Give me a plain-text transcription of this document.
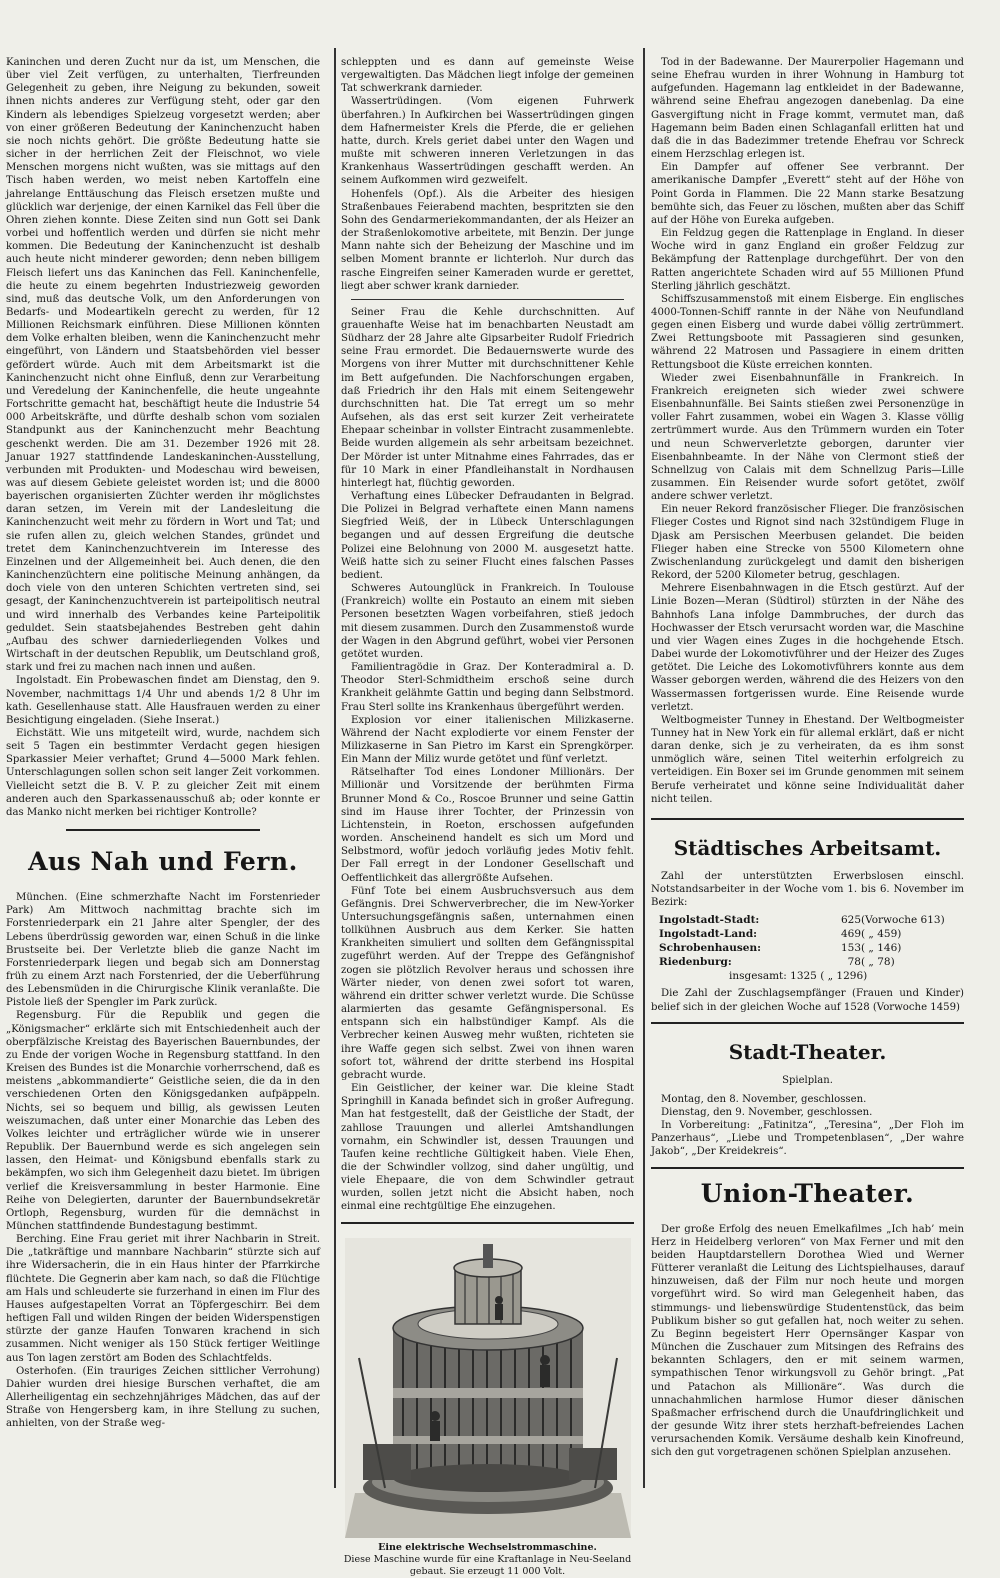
Kaninchen und deren Zucht nur da ist, um Menschen, die über viel Zeit verfügen, zu unterhalten, Tierfreunden Gelegenheit zu geben, ihre Neigung zu bekunden, soweit ihnen nichts anderes zur Verfügung steht, oder gar den Kindern als lebendiges Spielzeug vorgesetzt werden; aber von einer größeren Bedeutung der Kaninchenzucht haben sie noch nichts gehört. Die größte Bedeutung hatte sie sicher in der herrlichen Zeit der Fleischnot, wo viele Menschen morgens nicht wußten, was sie mittags auf den Tisch haben werden, wo meist neben Kartoffeln eine jahrelange Enttäuschung das Fleisch ersetzen mußte und glücklich war derjenige, der einen Karnikel das Fell über die Ohren ziehen konnte. Diese Zeiten sind nun Gott sei Dank vorbei und hoffentlich werden und dürfen sie nicht mehr kommen. Die Bedeutung der Kaninchenzucht ist deshalb auch heute nicht minderer geworden; denn neben billigem Fleisch liefert uns das Kaninchen das Fell. Kaninchenfelle, die heute zu einem begehrten Industriezweig geworden sind, muß das deutsche Volk, um den Anforderungen von Bedarfs- und Modeartikeln gerecht zu werden, für 12 Millionen Reichsmark einführen. Diese Millionen könnten dem Volke erhalten bleiben, wenn die Kaninchenzucht mehr eingeführt, von Ländern und Staatsbehörden viel besser gefördert würde. Auch mit dem Arbeitsmarkt ist die Kaninchenzucht nicht ohne Einfluß, denn zur Verarbeitung und Veredelung der Kaninchenfelle, die heute ungeahnte Fortschritte gemacht hat, beschäftigt heute die Industrie 54 000 Arbeitskräfte, und dürfte deshalb schon vom sozialen Standpunkt aus der Kaninchenzucht mehr Beachtung geschenkt werden. Die am 31. Dezember 1926 mit 28. Januar 1927 stattfindende Landeskaninchen-Ausstellung, verbunden mit Produkten- und Modeschau wird beweisen, was auf diesem Gebiete geleistet worden ist; und die 8000 bayerischen organisierten Züchter werden ihr möglichstes daran setzen, im Verein mit der Landesleitung die Kaninchenzucht weit mehr zu fördern in Wort und Tat; und sie rufen allen zu, gleich welchen Standes, gründet und tretet dem Kaninchenzuchtverein im Interesse des Einzelnen und der Allgemeinheit bei. Auch denen, die den Kaninchenzüchtern eine politische Meinung anhängen, da doch viele von den unteren Schichten vertreten sind, sei gesagt, der Kaninchenzuchtverein ist parteipolitisch neutral und wird innerhalb des Verbandes keine Parteipolitik geduldet. Sein staatsbejahendes Bestreben geht dahin „Aufbau des schwer darniederliegenden Volkes und Wirtschaft in der deutschen Republik, um Deutschland groß, stark und frei zu machen nach innen und außen.

Ingolstadt. Ein Probewaschen findet am Dienstag, den 9. November, nachmittags 1/4 Uhr und abends 1/2 8 Uhr im kath. Gesellenhause statt. Alle Hausfrauen werden zu einer Besichtigung eingeladen. (Siehe Inserat.)

Eichstätt. Wie uns mitgeteilt wird, wurde, nachdem sich seit 5 Tagen ein bestimmter Verdacht gegen hiesigen Sparkassier Meier verhaftet; Grund 4—5000 Mark fehlen. Unterschlagungen sollen schon seit langer Zeit vorkommen. Vielleicht setzt die B. V. P. zu gleicher Zeit mit einem anderen auch den Sparkassenausschuß ab; oder konnte er das Manko nicht merken bei richtiger Kontrolle?

Aus Nah und Fern.

München. (Eine schmerzhafte Nacht im Forstenrieder Park) Am Mittwoch nachmittag brachte sich im Forstenriederpark ein 21 Jahre alter Spengler, der des Lebens überdrüssig geworden war, einen Schuß in die linke Brustseite bei. Der Verletzte blieb die ganze Nacht im Forstenriederpark liegen und begab sich am Donnerstag früh zu einem Arzt nach Forstenried, der die Ueberführung des Lebensmüden in die Chirurgische Klinik veranlaßte. Die Pistole ließ der Spengler im Park zurück.

Regensburg. Für die Republik und gegen die „Königsmacher“ erklärte sich mit Entschiedenheit auch der oberpfälzische Kreistag des Bayerischen Bauernbundes, der zu Ende der vorigen Woche in Regensburg stattfand. In den Kreisen des Bundes ist die Monarchie vorherrschend, daß es meistens „abkommandierte“ Geistliche seien, die da in den verschiedenen Orten den Königsgedanken aufpäppeln. Nichts, sei so bequem und billig, als gewissen Leuten weiszumachen, daß unter einer Monarchie das Leben des Volkes leichter und erträglicher würde wie in unserer Republik. Der Bauernbund werde es sich angelegen sein lassen, den Heimat- und Königsbund ebenfalls stark zu bekämpfen, wo sich ihm Gelegenheit dazu bietet. Im übrigen verlief die Kreisversammlung in bester Harmonie. Eine Reihe von Delegierten, darunter der Bauernbundsekretär Ortloph, Regensburg, wurden für die demnächst in München stattfindende Bundestagung bestimmt.

Berching. Eine Frau geriet mit ihrer Nachbarin in Streit. Die „tatkräftige und mannbare Nachbarin“ stürzte sich auf ihre Widersacherin, die in ein Haus hinter der Pfarrkirche flüchtete. Die Gegnerin aber kam nach, so daß die Flüchtige am Hals und schleuderte sie furzerhand in einen im Flur des Hauses aufgestapelten Vorrat an Töpfergeschirr. Bei dem heftigen Fall und wilden Ringen der beiden Widerspenstigen stürzte der ganze Haufen Tonwaren krachend in sich zusammen. Nicht weniger als 150 Stück fertiger Weitlinge aus Ton lagen zerstört am Boden des Schlachtfelds.

Osterhofen. (Ein trauriges Zeichen sittlicher Verrohung) Dahier wurden drei hiesige Burschen verhaftet, die am Allerheiligentag ein sechzehnjähriges Mädchen, das auf der Straße von Hengersberg kam, in ihre Stellung zu suchen, anhielten, von der Straße weg-

schleppten und es dann auf gemeinste Weise vergewaltigten. Das Mädchen liegt infolge der gemeinen Tat schwerkrank darnieder.

Wassertrüdingen. (Vom eigenen Fuhrwerk überfahren.) In Aufkirchen bei Wassertrüdingen gingen dem Hafnermeister Krels die Pferde, die er geliehen hatte, durch. Krels geriet dabei unter den Wagen und mußte mit schweren inneren Verletzungen in das Krankenhaus Wassertrüdingen geschafft werden. An seinem Aufkommen wird gezweifelt.

Hohenfels (Opf.). Als die Arbeiter des hiesigen Straßenbaues Feierabend machten, bespritzten sie den Sohn des Gendarmeriekommandanten, der als Heizer an der Straßenlokomotive arbeitete, mit Benzin. Der junge Mann nahte sich der Beheizung der Maschine und im selben Moment brannte er lichterloh. Nur durch das rasche Eingreifen seiner Kameraden wurde er gerettet, liegt aber schwer krank darnieder.

Seiner Frau die Kehle durchschnitten. Auf grauenhafte Weise hat im benachbarten Neustadt am Südharz der 28 Jahre alte Gipsarbeiter Rudolf Friedrich seine Frau ermordet. Die Bedauernswerte wurde des Morgens von ihrer Mutter mit durchschnittener Kehle im Bett aufgefunden. Die Nachforschungen ergaben, daß Friedrich ihr den Hals mit einem Seitengewehr durchschnitten hat. Die Tat erregt um so mehr Aufsehen, als das erst seit kurzer Zeit verheiratete Ehepaar scheinbar in vollster Eintracht zusammenlebte. Beide wurden allgemein als sehr arbeitsam bezeichnet. Der Mörder ist unter Mitnahme eines Fahrrades, das er für 10 Mark in einer Pfandleihanstalt in Nordhausen hinterlegt hat, flüchtig geworden.

Verhaftung eines Lübecker Defraudanten in Belgrad. Die Polizei in Belgrad verhaftete einen Mann namens Siegfried Weiß, der in Lübeck Unterschlagungen begangen und auf dessen Ergreifung die deutsche Polizei eine Belohnung von 2000 M. ausgesetzt hatte. Weiß hatte sich zu seiner Flucht eines falschen Passes bedient.

Schweres Autounglück in Frankreich. In Toulouse (Frankreich) wollte ein Postauto an einem mit sieben Personen besetzten Wagen vorbeifahren, stieß jedoch mit diesem zusammen. Durch den Zusammenstoß wurde der Wagen in den Abgrund geführt, wobei vier Personen getötet wurden.

Familientragödie in Graz. Der Konteradmiral a. D. Theodor Sterl-Schmidtheim erschoß seine durch Krankheit gelähmte Gattin und beging dann Selbstmord. Frau Sterl sollte ins Krankenhaus übergeführt werden.

Explosion vor einer italienischen Milizkaserne. Während der Nacht explodierte vor einem Fenster der Milizkaserne in San Pietro im Karst ein Sprengkörper. Ein Mann der Miliz wurde getötet und fünf verletzt.

Rätselhafter Tod eines Londoner Millionärs. Der Millionär und Vorsitzende der berühmten Firma Brunner Mond & Co., Roscoe Brunner und seine Gattin sind im Hause ihrer Tochter, der Prinzessin von Lichtenstein, in Roeton, erschossen aufgefunden worden. Anscheinend handelt es sich um Mord und Selbstmord, wofür jedoch vorläufig jedes Motiv fehlt. Der Fall erregt in der Londoner Gesellschaft und Oeffentlichkeit das allergrößte Aufsehen.

Fünf Tote bei einem Ausbruchsversuch aus dem Gefängnis. Drei Schwerverbrecher, die im New-Yorker Untersuchungsgefängnis saßen, unternahmen einen tollkühnen Ausbruch aus dem Kerker. Sie hatten Krankheiten simuliert und sollten dem Gefängnisspital zugeführt werden. Auf der Treppe des Gefängnishof zogen sie plötzlich Revolver heraus und schossen ihre Wärter nieder, von denen zwei sofort tot waren, während ein dritter schwer verletzt wurde. Die Schüsse alarmierten das gesamte Gefängnispersonal. Es entspann sich ein halbstündiger Kampf. Als die Verbrecher keinen Ausweg mehr wußten, richteten sie ihre Waffe gegen sich selbst. Zwei von ihnen waren sofort tot, während der dritte sterbend ins Hospital gebracht wurde.

Ein Geistlicher, der keiner war. Die kleine Stadt Springhill in Kanada befindet sich in großer Aufregung. Man hat festgestellt, daß der Geistliche der Stadt, der zahllose Trauungen und allerlei Amtshandlungen vornahm, ein Schwindler ist, dessen Trauungen und Taufen keine rechtliche Gültigkeit haben. Viele Ehen, die der Schwindler vollzog, sind daher ungültig, und viele Ehepaare, die von dem Schwindler getraut wurden, sollen jetzt nicht die Absicht haben, noch einmal eine rechtgültige Ehe einzugehen.

Eine elektrische Wechselstrommaschine.

Diese Maschine wurde für eine Kraftanlage in Neu-Seeland gebaut. Sie erzeugt 11 000 Volt.

Tod in der Badewanne. Der Maurerpolier Hagemann und seine Ehefrau wurden in ihrer Wohnung in Hamburg tot aufgefunden. Hagemann lag entkleidet in der Badewanne, während seine Ehefrau angezogen danebenlag. Da eine Gasvergiftung nicht in Frage kommt, vermutet man, daß Hagemann beim Baden einen Schlaganfall erlitten hat und daß die in das Badezimmer tretende Ehefrau vor Schreck einem Herzschlag erlegen ist.

Ein Dampfer auf offener See verbrannt. Der amerikanische Dampfer „Everett“ steht auf der Höhe von Point Gorda in Flammen. Die 22 Mann starke Besatzung bemühte sich, das Feuer zu löschen, mußten aber das Schiff auf der Höhe von Eureka aufgeben.

Ein Feldzug gegen die Rattenplage in England. In dieser Woche wird in ganz England ein großer Feldzug zur Bekämpfung der Rattenplage durchgeführt. Der von den Ratten angerichtete Schaden wird auf 55 Millionen Pfund Sterling jährlich geschätzt.

Schiffszusammenstoß mit einem Eisberge. Ein englisches 4000-Tonnen-Schiff rannte in der Nähe von Neufundland gegen einen Eisberg und wurde dabei völlig zertrümmert. Zwei Rettungsboote mit Passagieren sind gesunken, während 22 Matrosen und Passagiere in einem dritten Rettungsboot die Küste erreichen konnten.

Wieder zwei Eisenbahnunfälle in Frankreich. In Frankreich ereigneten sich wieder zwei schwere Eisenbahnunfälle. Bei Saints stießen zwei Personenzüge in voller Fahrt zusammen, wobei ein Wagen 3. Klasse völlig zertrümmert wurde. Aus den Trümmern wurden ein Toter und neun Schwerverletzte geborgen, darunter vier Eisenbahnbeamte. In der Nähe von Clermont stieß der Schnellzug von Calais mit dem Schnellzug Paris—Lille zusammen. Ein Reisender wurde sofort getötet, zwölf andere schwer verletzt.

Ein neuer Rekord französischer Flieger. Die französischen Flieger Costes und Rignot sind nach 32stündigem Fluge in Djask am Persischen Meerbusen gelandet. Die beiden Flieger haben eine Strecke von 5500 Kilometern ohne Zwischenlandung zurückgelegt und damit den bisherigen Rekord, der 5200 Kilometer betrug, geschlagen.

Mehrere Eisenbahnwagen in die Etsch gestürzt. Auf der Linie Bozen—Meran (Südtirol) stürzten in der Nähe des Bahnhofs Lana infolge Dammbruches, der durch das Hochwasser der Etsch verursacht worden war, die Maschine und vier Wagen eines Zuges in die hochgehende Etsch. Dabei wurde der Lokomotivführer und der Heizer des Zuges getötet. Die Leiche des Lokomotivführers konnte aus dem Wasser geborgen werden, während die des Heizers von den Wassermassen fortgerissen wurde. Eine Reisende wurde verletzt.

Weltbogmeister Tunney in Ehestand. Der Weltbogmeister Tunney hat in New York ein für allemal erklärt, daß er nicht daran denke, sich je zu verheiraten, da es ihm sonst unmöglich wäre, seinen Titel weiterhin erfolgreich zu verteidigen. Ein Boxer sei im Grunde genommen mit seinem Berufe verheiratet und könne seine Individualität daher nicht teilen.

Städtisches Arbeitsamt.

Zahl der unterstützten Erwerbslosen einschl. Notstandsarbeiter in der Woche vom 1. bis 6. November im Bezirk:

Ingolstadt-Stadt:	625 (Vorwoche 613)
Ingolstadt-Land:	469 ( „ 459)
Schrobenhausen:	153 ( „ 146)
Riedenburg:	78 ( „ 78)
insgesamt: 1325 ( „ 1296)

Die Zahl der Zuschlagsempfänger (Frauen und Kinder) belief sich in der gleichen Woche auf 1528 (Vorwoche 1459)

Stadt-Theater.

Spielplan.

Montag, den 8. November, geschlossen.

Dienstag, den 9. November, geschlossen.

In Vorbereitung: „Fatinitza“, „Teresina“, „Der Floh im Panzerhaus“, „Liebe und Trompetenblasen“, „Der wahre Jakob“, „Der Kreidekreis“.

Union-Theater.

Der große Erfolg des neuen Emelkafilmes „Ich hab’ mein Herz in Heidelberg verloren“ von Max Ferner und mit den beiden Hauptdarstellern Dorothea Wied und Werner Fütterer veranlaßt die Leitung des Lichtspielhauses, darauf hinzuweisen, daß der Film nur noch heute und morgen vorgeführt wird. So wird man Gelegenheit haben, das stimmungs- und liebenswürdige Studentenstück, das beim Publikum bisher so gut gefallen hat, noch weiter zu sehen. Zu Beginn begeistert Herr Opernsänger Kaspar von München die Zuschauer zum Mitsingen des Refrains des bekannten Schlagers, den er mit seinem warmen, sympathischen Tenor wirkungsvoll zu Gehör bringt. „Pat und Patachon als Millionäre“. Was durch die unnachahmlichen harmlose Humor dieser dänischen Spaßmacher erfrischend durch die Unaufdringlichkeit und der gesunde Witz ihrer stets herzhaft-befreiendes Lachen verursachenden Komik. Versäume deshalb kein Kinofreund, sich den gut vorgetragenen schönen Spielplan anzusehen.
